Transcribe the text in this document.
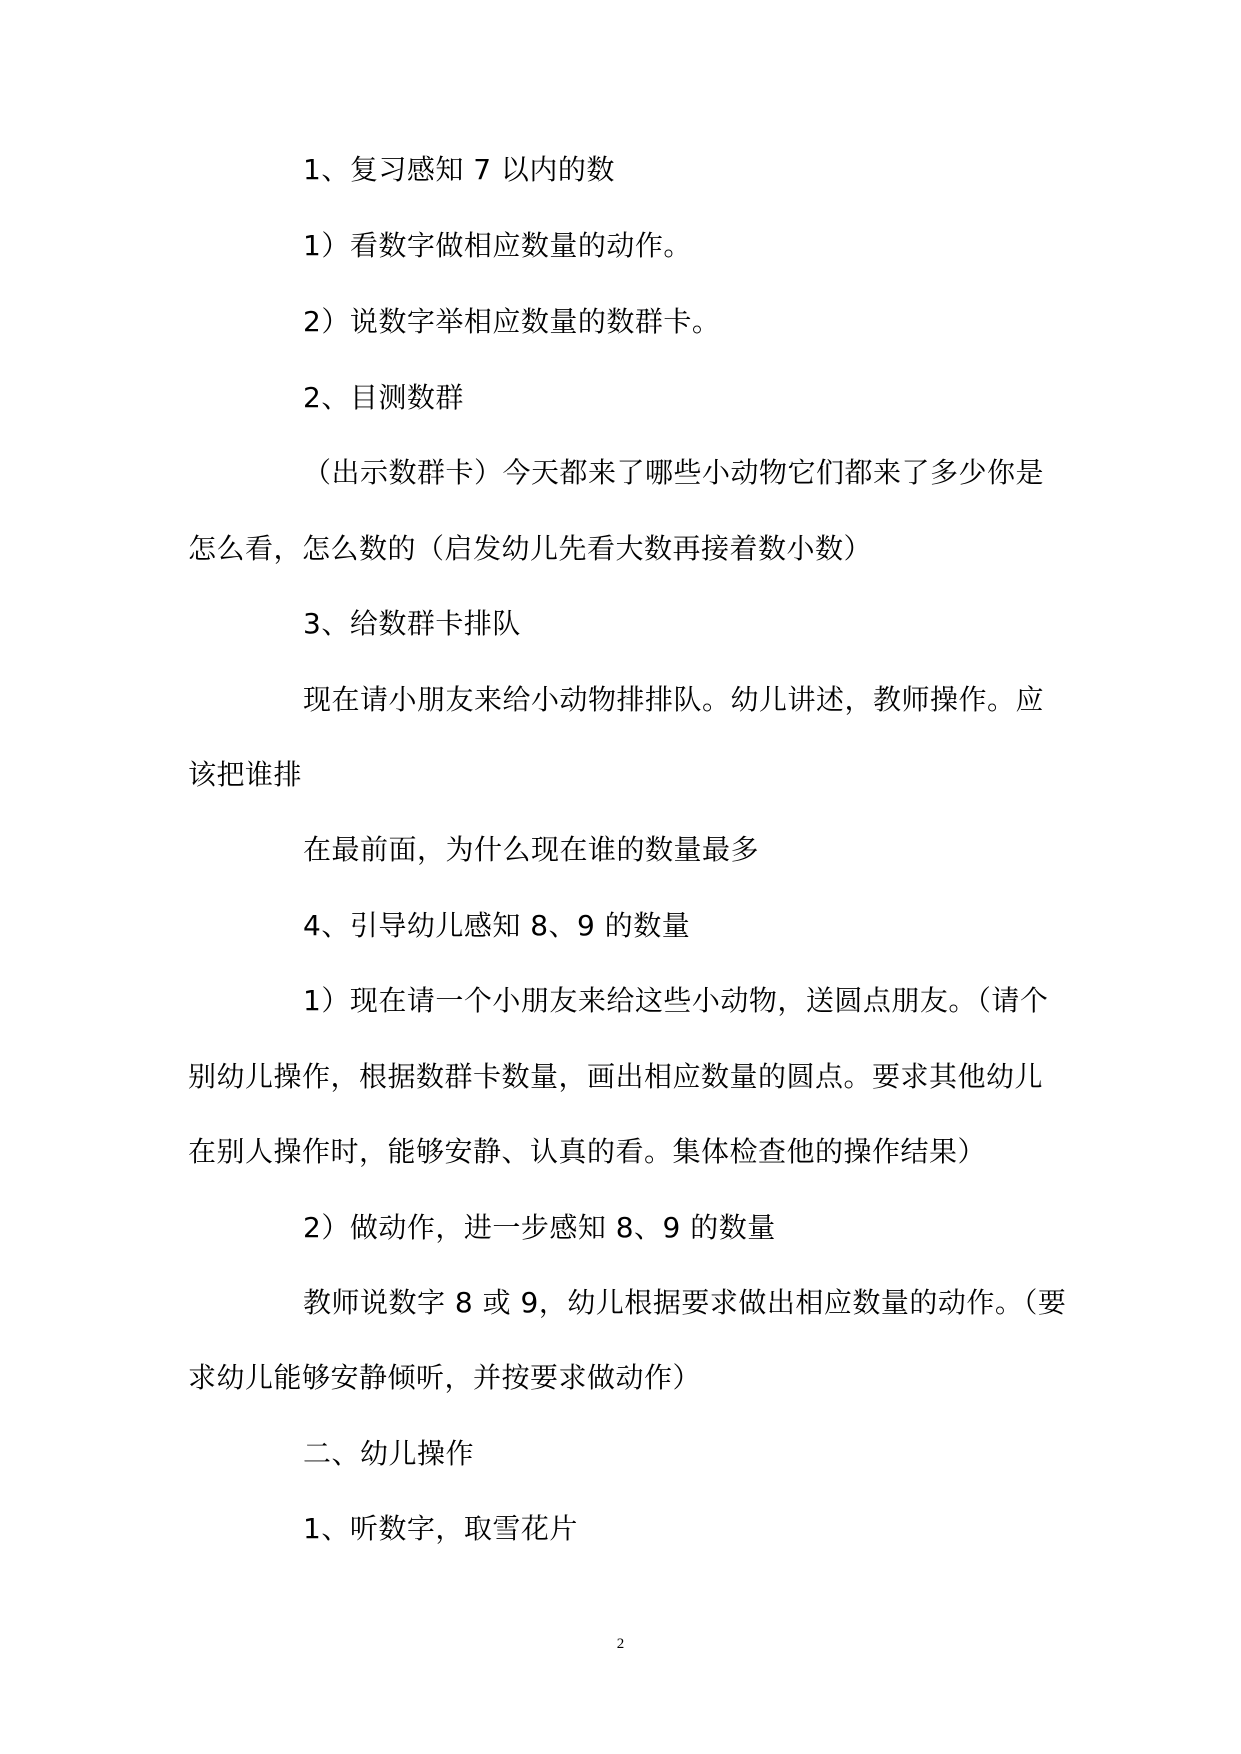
1、复习感知 7 以内的数
1）看数字做相应数量的动作。
2）说数字举相应数量的数群卡。
2、目测数群
（出示数群卡）今天都来了哪些小动物它们都来了多少你是
怎么看，怎么数的（启发幼儿先看大数再接着数小数）
3、给数群卡排队
现在请小朋友来给小动物排排队。幼儿讲述，教师操作。应
该把谁排
在最前面，为什么现在谁的数量最多
4、引导幼儿感知 8、9 的数量
1）现在请一个小朋友来给这些小动物，送圆点朋友。（请个
别幼儿操作，根据数群卡数量，画出相应数量的圆点。要求其他幼儿
在别人操作时，能够安静、认真的看。集体检查他的操作结果）
2）做动作，进一步感知 8、9 的数量
教师说数字 8 或 9，幼儿根据要求做出相应数量的动作。（要
求幼儿能够安静倾听，并按要求做动作）
二、幼儿操作
1、听数字，取雪花片
2
